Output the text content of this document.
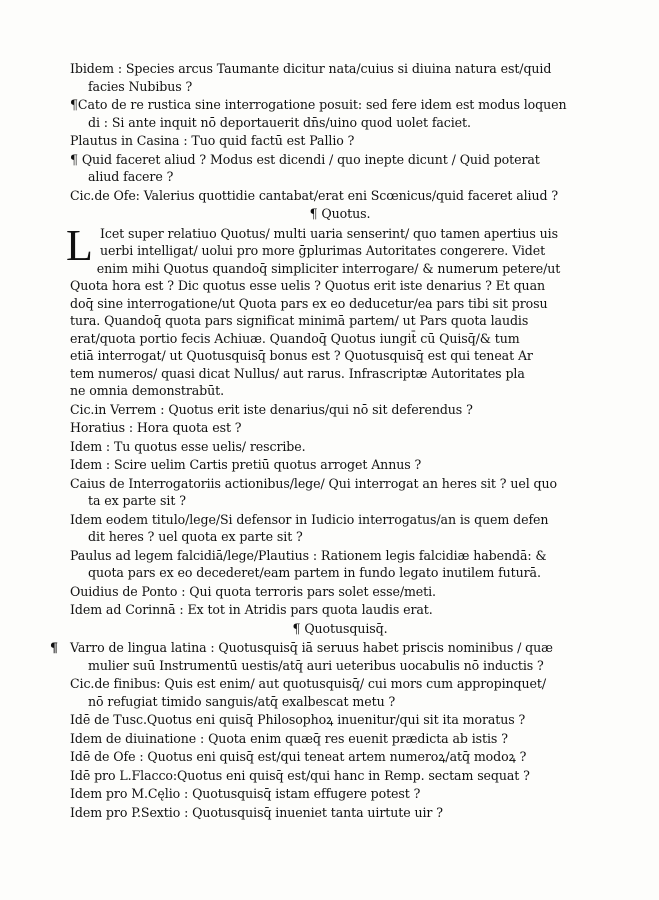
Ibidem : Species arcus Taumante dicitur nata/cuius si diuina natura est/quid
facies Nubibus ?
¶Cato de re rustica sine interrogatione posuit: sed fere idem est modus loquen
di : Si ante inquit nō deportauerit dn̄s/uino quod uolet faciet.
Plautus in Casina : Tuo quid factū est Pallio ?
¶ Quid faceret aliud ? Modus est dicendi / quo inepte dicunt / Quid poterat
aliud facere ?
Cic.de Ofe: Valerius quottidie cantabat/erat eni Scœnicus/quid faceret aliud ?
¶ Quotus.
L Icet super relatiuo Quotus/ multi uaria senserint/ quo tamen apertius uis
uerbi intelligat/ uolui pro more ḡplurimas Autoritates congerere. Videt
enim mihi Quotus quandoq̄ simpliciter interrogare/ & numerum petere/ut
Quota hora est ? Dic quotus esse uelis ? Quotus erit iste denarius ? Et quan
doq̄ sine interrogatione/ut Quota pars ex eo deducetur/ea pars tibi sit prosu
tura. Quandoq̄ quota pars significat minimā partem/ ut Pars quota laudis
erat/quota portio fecis Achiuæ. Quandoq̄ Quotus iungit̄ cū Quisq̄/& tum
etiā interrogat/ ut Quotusquisq̄ bonus est ? Quotusquisq̄ est qui teneat Ar
tem numeros/ quasi dicat Nullus/ aut rarus. Infrascriptæ Autoritates pla
ne omnia demonstrabūt.
Cic.in Verrem : Quotus erit iste denarius/qui nō sit deferendus ?
Horatius : Hora quota est ?
Idem : Tu quotus esse uelis/ rescribe.
Idem : Scire uelim Cartis pretiū quotus arroget Annus ?
Caius de Interrogatoriis actionibus/lege/ Qui interrogat an heres sit ? uel quo
ta ex parte sit ?
Idem eodem titulo/lege/Si defensor in Iudicio interrogatus/an is quem defen
dit heres ? uel quota ex parte sit ?
Paulus ad legem falcidiā/lege/Plautius : Rationem legis falcidiæ habendā: &
quota pars ex eo decederet/eam partem in fundo legato inutilem futurā.
Ouidius de Ponto : Qui quota terroris pars solet esse/meti.
Idem ad Corinnā : Ex tot in Atridis pars quota laudis erat.
¶ Quotusquisq̄.
¶ Varro de lingua latina : Quotusquisq̄ iā seruus habet priscis nominibus / quæ
mulier suū Instrumentū uestis/atq̄ auri ueteribus uocabulis nō inductis ?
Cic.de finibus: Quis est enim/ aut quotusquisq̄/ cui mors cum appropinquet/
nō refugiat timido sanguis/atq̄ exalbescat metu ?
Idē de Tusc.Quotus eni quisq̄ Philosophoꝝ inuenitur/qui sit ita moratus ?
Idem de diuinatione : Quota enim quæq̄ res euenit prædicta ab istis ?
Idē de Ofe : Quotus eni quisq̄ est/qui teneat artem numeroꝝ/atq̄ modoꝝ ?
Idē pro L.Flacco:Quotus eni quisq̄ est/qui hanc in Remp. sectam sequat ?
Idem pro M.Cęlio : Quotusquisq̄ istam effugere potest ?
Idem pro P.Sextio : Quotusquisq̄ inueniet tanta uirtute uir ?
